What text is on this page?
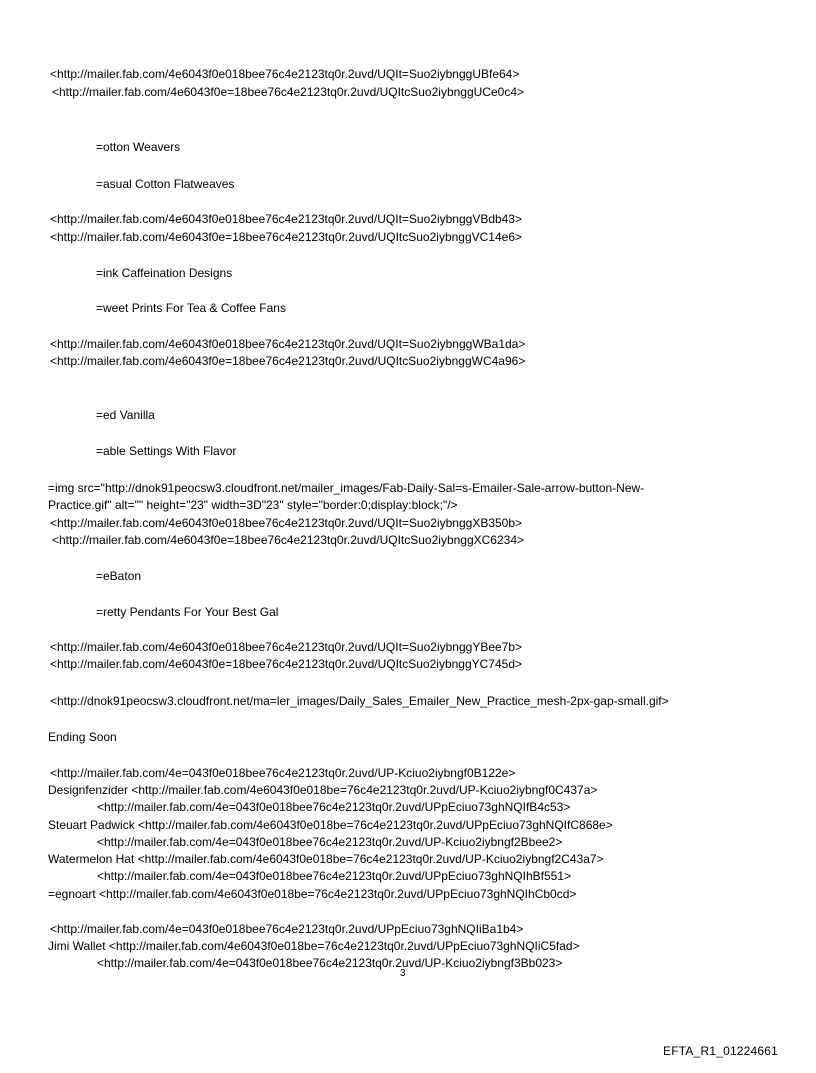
<http://mailer.fab.com/4e6043f0e018bee76c4e2123tq0r.2uvd/UQIt=Suo2iybnggUBfe64>
<http://mailer.fab.com/4e6043f0e=18bee76c4e2123tq0r.2uvd/UQItcSuo2iybnggUCe0c4>
=otton Weavers
=asual Cotton Flatweaves
<http://mailer.fab.com/4e6043f0e018bee76c4e2123tq0r.2uvd/UQIt=Suo2iybnggVBdb43>
<http://mailer.fab.com/4e6043f0e=18bee76c4e2123tq0r.2uvd/UQItcSuo2iybnggVC14e6>
=ink Caffeination Designs
=weet Prints For Tea & Coffee Fans
<http://mailer.fab.com/4e6043f0e018bee76c4e2123tq0r.2uvd/UQIt=Suo2iybnggWBa1da>
<http://mailer.fab.com/4e6043f0e=18bee76c4e2123tq0r.2uvd/UQItcSuo2iybnggWC4a96>
=ed Vanilla
=able Settings With Flavor
=img src="http://dnok91peocsw3.cloudfront.net/mailer_images/Fab-Daily-Sal=s-Emailer-Sale-arrow-button-New-
Practice.gif" alt="" height="23" width=3D"23" style="border:0;display:block;"/>
<http://mailer.fab.com/4e6043f0e018bee76c4e2123tq0r.2uvd/UQIt=Suo2iybnggXB350b>
<http://mailer.fab.com/4e6043f0e=18bee76c4e2123tq0r.2uvd/UQItcSuo2iybnggXC6234>
=eBaton
=retty Pendants For Your Best Gal
<http://mailer.fab.com/4e6043f0e018bee76c4e2123tq0r.2uvd/UQIt=Suo2iybnggYBee7b>
<http://mailer.fab.com/4e6043f0e=18bee76c4e2123tq0r.2uvd/UQItcSuo2iybnggYC745d>
<http://dnok91peocsw3.cloudfront.net/ma=ler_images/Daily_Sales_Emailer_New_Practice_mesh-2px-gap-small.gif>
Ending Soon
<http://mailer.fab.com/4e=043f0e018bee76c4e2123tq0r.2uvd/UP-Kciuo2iybngf0B122e>
Designfenzider <http://mailer.fab.com/4e6043f0e018be=76c4e2123tq0r.2uvd/UP-Kciuo2iybngf0C437a>
<http://mailer.fab.com/4e=043f0e018bee76c4e2123tq0r.2uvd/UPpEciuo73ghNQIfB4c53>
Steuart Padwick <http://mailer.fab.com/4e6043f0e018be=76c4e2123tq0r.2uvd/UPpEciuo73ghNQIfC868e>
<http://mailer.fab.com/4e=043f0e018bee76c4e2123tq0r.2uvd/UP-Kciuo2iybngf2Bbee2>
Watermelon Hat <http://mailer.fab.com/4e6043f0e018be=76c4e2123tq0r.2uvd/UP-Kciuo2iybngf2C43a7>
<http://mailer.fab.com/4e=043f0e018bee76c4e2123tq0r.2uvd/UPpEciuo73ghNQIhBf551>
=egnoart <http://mailer.fab.com/4e6043f0e018be=76c4e2123tq0r.2uvd/UPpEciuo73ghNQIhCb0cd>
<http://mailer.fab.com/4e=043f0e018bee76c4e2123tq0r.2uvd/UPpEciuo73ghNQIiBa1b4>
Jimi Wallet <http://mailer.fab.com/4e6043f0e018be=76c4e2123tq0r.2uvd/UPpEciuo73ghNQIiC5fad>
<http://mailer.fab.com/4e=043f0e018bee76c4e2123tq0r.2uvd/UP-Kciuo2iybngf3Bb023>
3
EFTA_R1_01224661
